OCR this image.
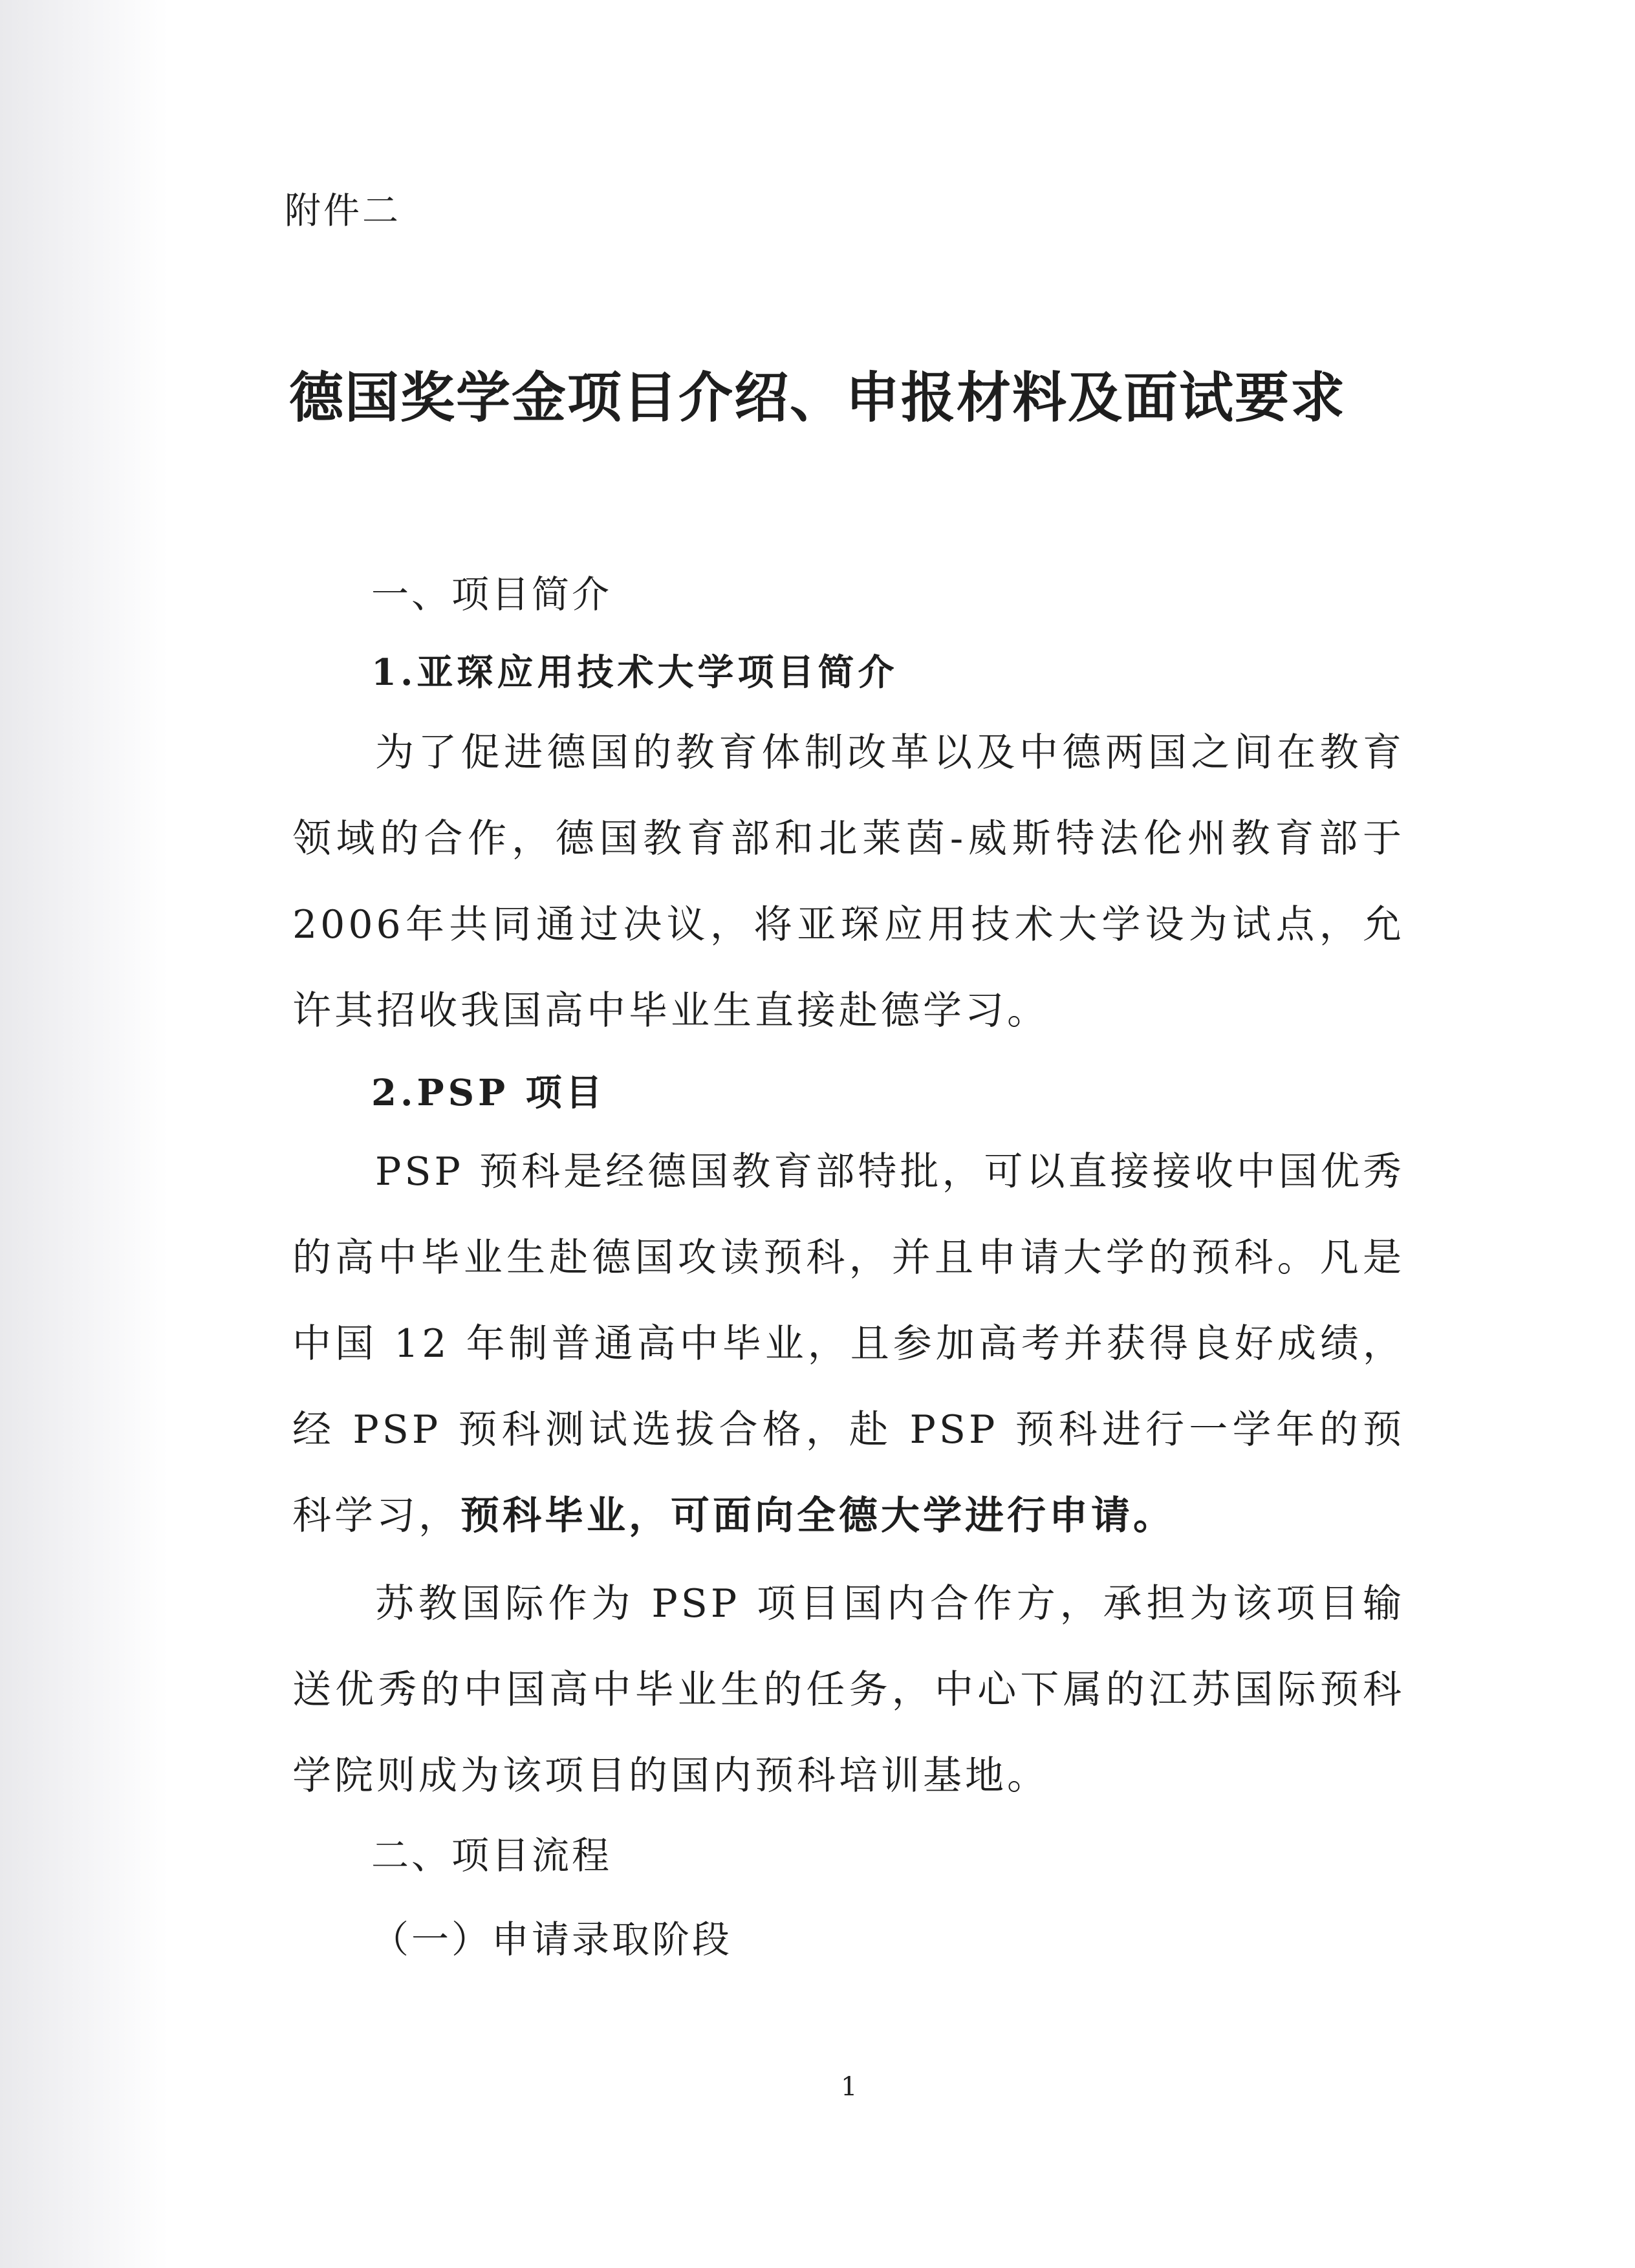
附件二
德国奖学金项目介绍、申报材料及面试要求
一、项目简介
1.亚琛应用技术大学项目简介
为了促进德国的教育体制改革以及中德两国之间在教育领域的合作，德国教育部和北莱茵-威斯特法伦州教育部于2006年共同通过决议，将亚琛应用技术大学设为试点，允许其招收我国高中毕业生直接赴德学习。
2.PSP 项目
PSP 预科是经德国教育部特批，可以直接接收中国优秀的高中毕业生赴德国攻读预科，并且申请大学的预科。凡是中国 12 年制普通高中毕业，且参加高考并获得良好成绩，经 PSP 预科测试选拔合格，赴 PSP 预科进行一学年的预科学习，预科毕业，可面向全德大学进行申请。
苏教国际作为 PSP 项目国内合作方，承担为该项目输送优秀的中国高中毕业生的任务，中心下属的江苏国际预科学院则成为该项目的国内预科培训基地。
二、项目流程
（一）申请录取阶段
1
